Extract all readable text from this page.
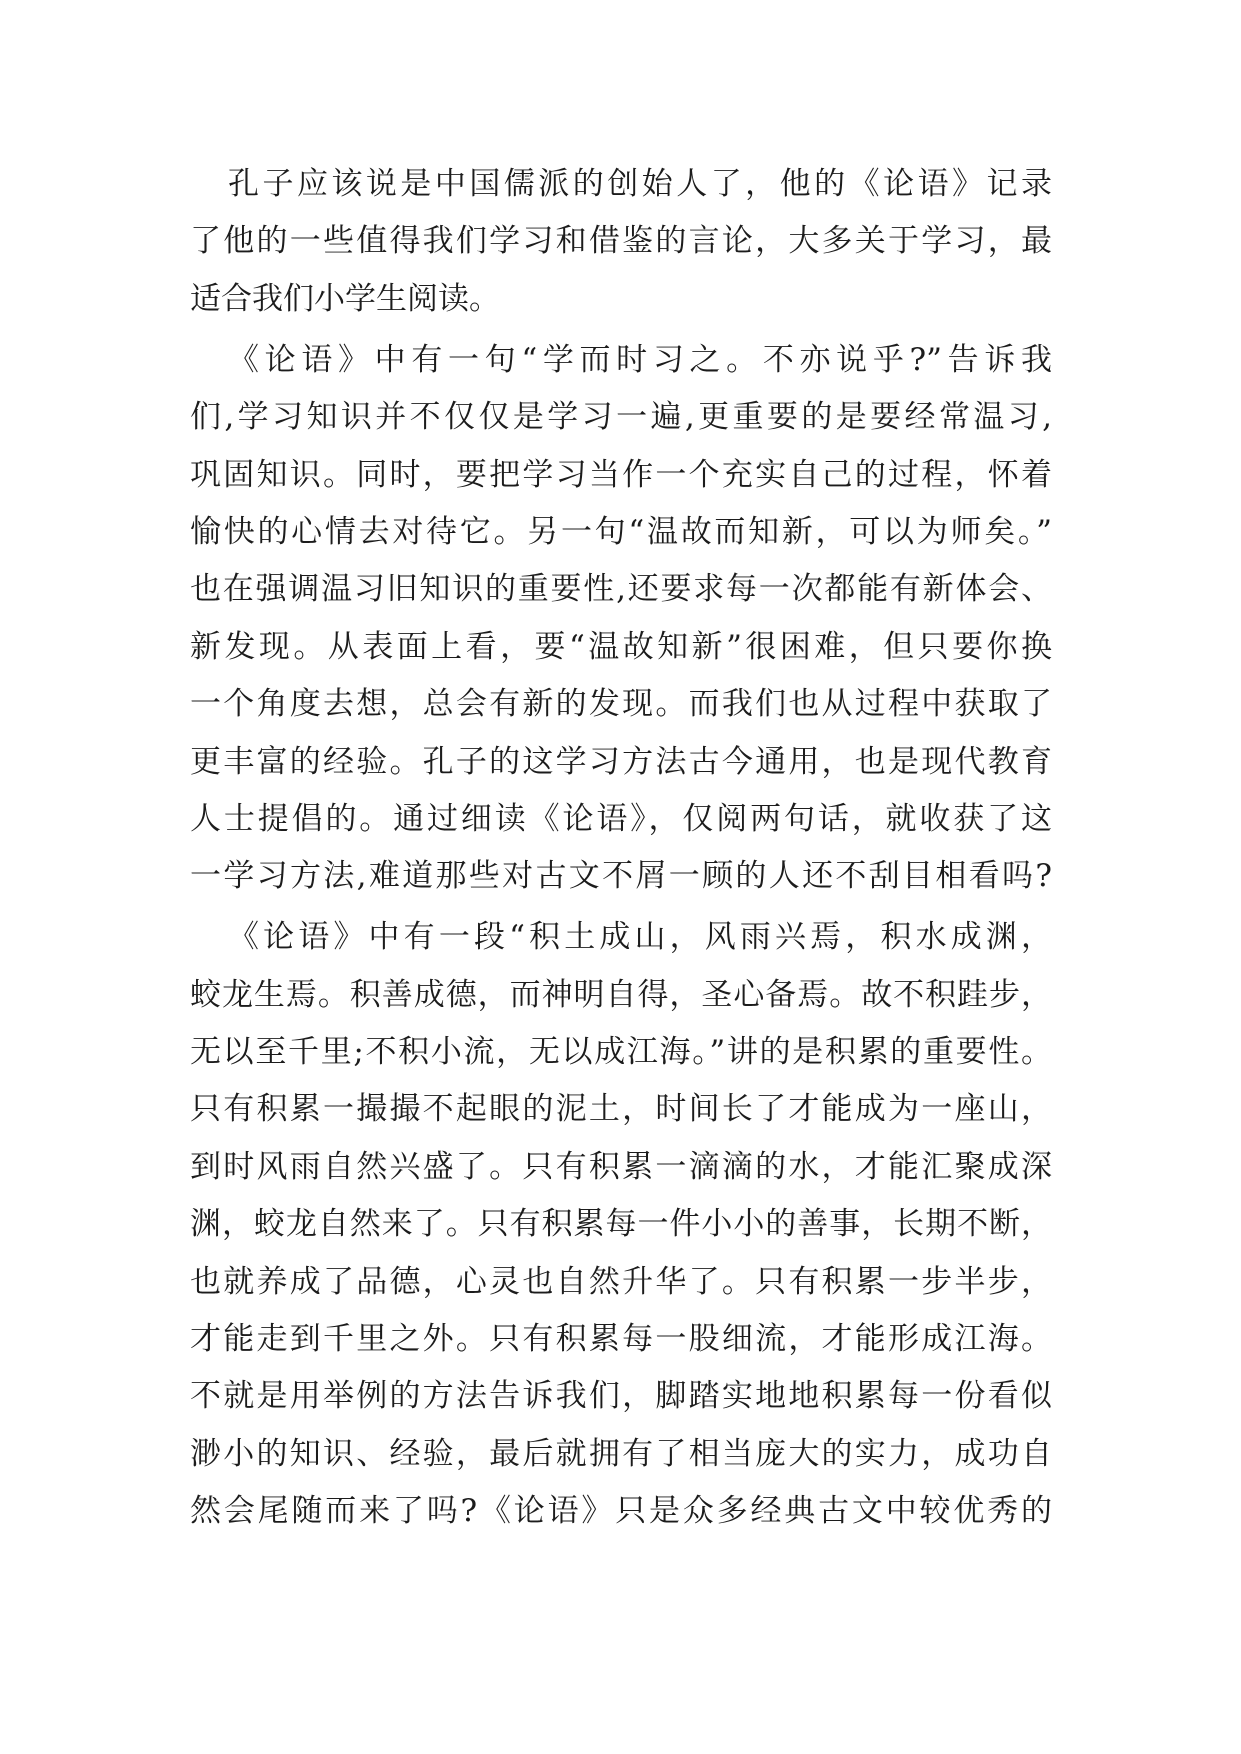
孔子应该说是中国儒派的创始人了，他的《论语》记录
了他的一些值得我们学习和借鉴的言论，大多关于学习，最
适合我们小学生阅读。
《论语》中有一句“学而时习之。不亦说乎?”告诉我
们,学习知识并不仅仅是学习一遍,更重要的是要经常温习,
巩固知识。同时，要把学习当作一个充实自己的过程，怀着
愉快的心情去对待它。另一句“温故而知新，可以为师矣。”
也在强调温习旧知识的重要性,还要求每一次都能有新体会、
新发现。从表面上看，要“温故知新”很困难，但只要你换
一个角度去想，总会有新的发现。而我们也从过程中获取了
更丰富的经验。孔子的这学习方法古今通用，也是现代教育
人士提倡的。通过细读《论语》，仅阅两句话，就收获了这
一学习方法,难道那些对古文不屑一顾的人还不刮目相看吗?
《论语》中有一段“积土成山，风雨兴焉，积水成渊，
蛟龙生焉。积善成德，而神明自得，圣心备焉。故不积跬步，
无以至千里;不积小流，无以成江海。”讲的是积累的重要性。
只有积累一撮撮不起眼的泥土，时间长了才能成为一座山，
到时风雨自然兴盛了。只有积累一滴滴的水，才能汇聚成深
渊，蛟龙自然来了。只有积累每一件小小的善事，长期不断，
也就养成了品德，心灵也自然升华了。只有积累一步半步，
才能走到千里之外。只有积累每一股细流，才能形成江海。
不就是用举例的方法告诉我们，脚踏实地地积累每一份看似
渺小的知识、经验，最后就拥有了相当庞大的实力，成功自
然会尾随而来了吗?《论语》只是众多经典古文中较优秀的
